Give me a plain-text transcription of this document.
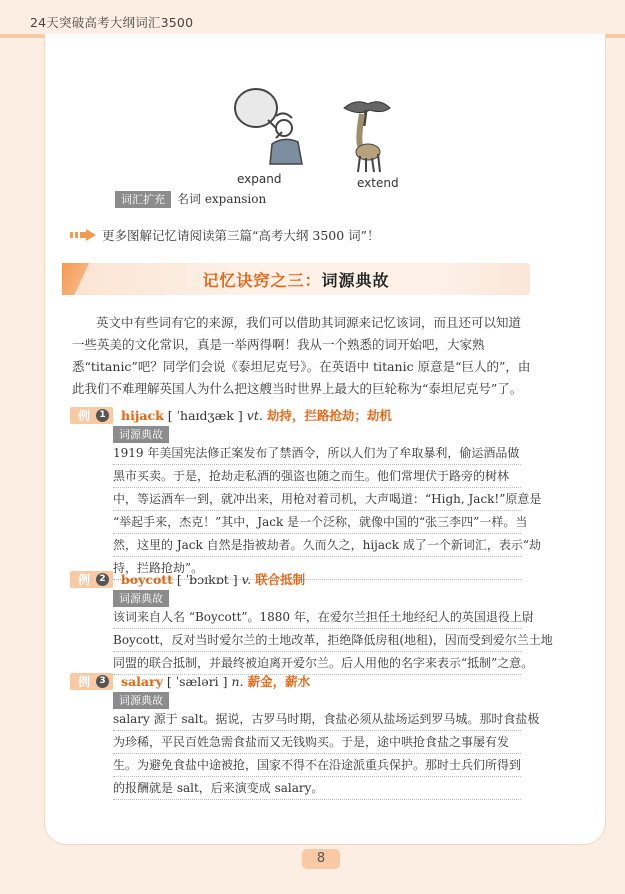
24天突破高考大纲词汇3500
expand	extend
词汇扩充 名词 expansion
更多图解记忆请阅读第三篇“高考大纲 3500 词”！
记忆诀窍之三：词源典故
英文中有些词有它的来源，我们可以借助其词源来记忆该词，而且还可以知道一些英美的文化常识，真是一举两得啊！我从一个熟悉的词开始吧，大家熟悉“titanic”吧？同学们会说《泰坦尼克号》。在英语中 titanic 原意是“巨人的”，由此我们不难理解英国人为什么把这艘当时世界上最大的巨轮称为“泰坦尼克号”了。
例	1 hijack [ ˈhaɪdʒæk ] vt. 劫持，拦路抢劫；劫机
词源典故
1919 年美国宪法修正案发布了禁酒令，所以人们为了牟取暴利，偷运酒品做
黑市买卖。于是，抢劫走私酒的强盗也随之而生。他们常埋伏于路旁的树林
中，等运酒车一到，就冲出来，用枪对着司机，大声喝道：“High, Jack!”原意是
“举起手来，杰克！”其中，Jack 是一个泛称，就像中国的“张三李四”一样。当
然，这里的 Jack 自然是指被劫者。久而久之，hijack 成了一个新词汇，表示“劫
持，拦路抢劫”。
例	2 boycott [ ˈbɔɪkɒt ] v. 联合抵制
词源典故
该词来自人名 “Boycott”。1880 年，在爱尔兰担任土地经纪人的英国退役上尉
Boycott，反对当时爱尔兰的土地改革，拒绝降低房租(地租)，因而受到爱尔兰土地
同盟的联合抵制，并最终被迫离开爱尔兰。后人用他的名字来表示“抵制”之意。
例	3 salary [ ˈsæləri ] n. 薪金，薪水
词源典故
salary 源于 salt。据说，古罗马时期，食盐必须从盐场运到罗马城。那时食盐极
为珍稀，平民百姓急需食盐而又无钱购买。于是，途中哄抢食盐之事屡有发
生。为避免食盐中途被抢，国家不得不在沿途派重兵保护。那时士兵们所得到
的报酬就是 salt，后来演变成 salary。
8
